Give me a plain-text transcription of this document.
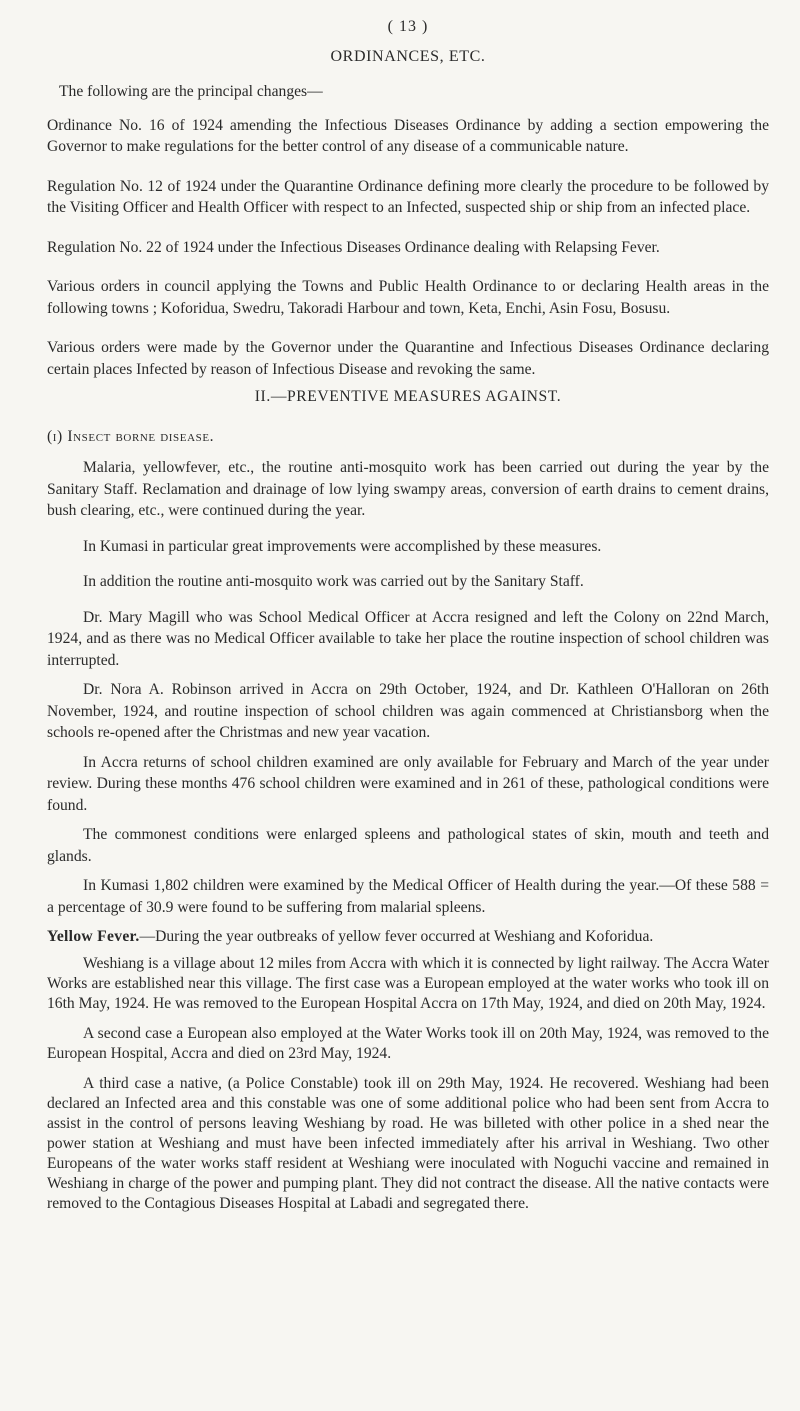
( 13 )
ORDINANCES, ETC.

The following are the principal changes—

Ordinance No. 16 of 1924 amending the Infectious Diseases Ordinance by adding a section empowering the Governor to make regulations for the better control of any disease of a communicable nature.

Regulation No. 12 of 1924 under the Quarantine Ordinance defining more clearly the procedure to be followed by the Visiting Officer and Health Officer with respect to an Infected, suspected ship or ship from an infected place.

Regulation No. 22 of 1924 under the Infectious Diseases Ordinance dealing with Relapsing Fever.

Various orders in council applying the Towns and Public Health Ordinance to or declaring Health areas in the following towns ; Koforidua, Swedru, Takoradi Harbour and town, Keta, Enchi, Asin Fosu, Bosusu.

Various orders were made by the Governor under the Quarantine and Infectious Diseases Ordinance declaring certain places Infected by reason of Infectious Disease and revoking the same.

II.—PREVENTIVE MEASURES AGAINST.
(i) Insect borne disease.

Malaria, yellowfever, etc., the routine anti-mosquito work has been carried out during the year by the Sanitary Staff. Reclamation and drainage of low lying swampy areas, conversion of earth drains to cement drains, bush clearing, etc., were continued during the year.

In Kumasi in particular great improvements were accomplished by these measures.

In addition the routine anti-mosquito work was carried out by the Sanitary Staff.

Dr. Mary Magill who was School Medical Officer at Accra resigned and left the Colony on 22nd March, 1924, and as there was no Medical Officer available to take her place the routine inspection of school children was interrupted.

Dr. Nora A. Robinson arrived in Accra on 29th October, 1924, and Dr. Kathleen O'Halloran on 26th November, 1924, and routine inspection of school children was again commenced at Christiansborg when the schools re-opened after the Christmas and new year vacation.

In Accra returns of school children examined are only available for February and March of the year under review. During these months 476 school children were examined and in 261 of these, pathological conditions were found.

The commonest conditions were enlarged spleens and pathological states of skin, mouth and teeth and glands.

In Kumasi 1,802 children were examined by the Medical Officer of Health during the year.—Of these 588 = a percentage of 30.9 were found to be suffering from malarial spleens.

Yellow Fever.—During the year outbreaks of yellow fever occurred at Weshiang and Koforidua.

Weshiang is a village about 12 miles from Accra with which it is connected by light railway. The Accra Water Works are established near this village. The first case was a European employed at the water works who took ill on 16th May, 1924. He was removed to the European Hospital Accra on 17th May, 1924, and died on 20th May, 1924.

A second case a European also employed at the Water Works took ill on 20th May, 1924, was removed to the European Hospital, Accra and died on 23rd May, 1924.

A third case a native, (a Police Constable) took ill on 29th May, 1924. He recovered. Weshiang had been declared an Infected area and this constable was one of some additional police who had been sent from Accra to assist in the control of persons leaving Weshiang by road. He was billeted with other police in a shed near the power station at Weshiang and must have been infected immediately after his arrival in Weshiang. Two other Europeans of the water works staff resident at Weshiang were inoculated with Noguchi vaccine and remained in Weshiang in charge of the power and pumping plant. They did not contract the disease. All the native contacts were removed to the Contagious Diseases Hospital at Labadi and segregated there.
